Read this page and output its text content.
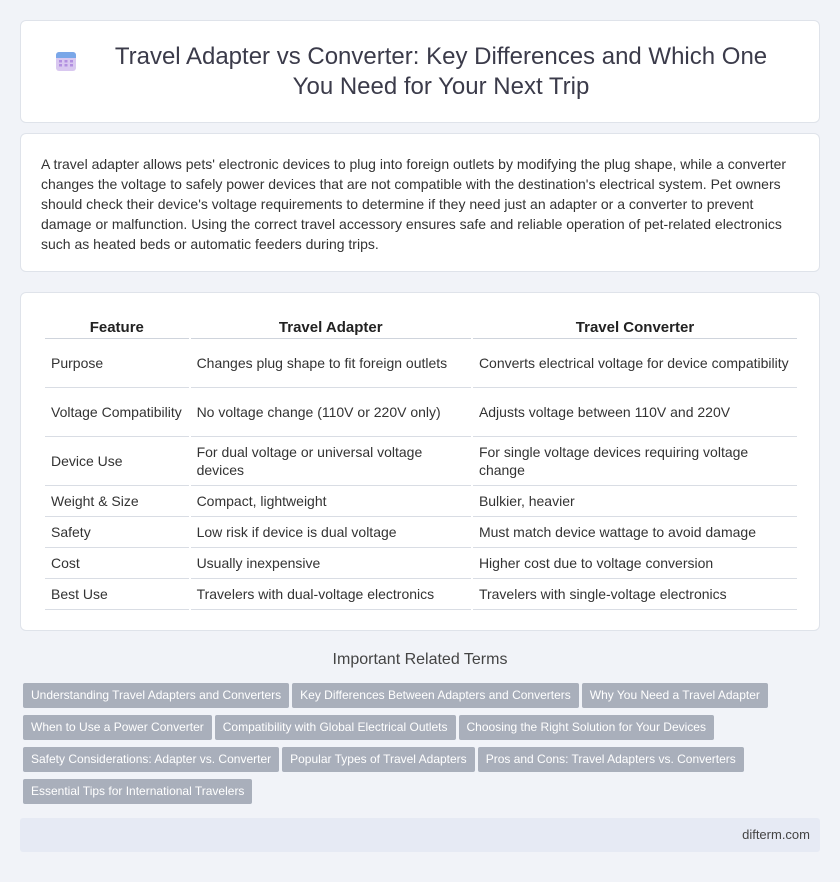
Travel Adapter vs Converter: Key Differences and Which One You Need for Your Next Trip

A travel adapter allows pets' electronic devices to plug into foreign outlets by modifying the plug shape, while a converter changes the voltage to safely power devices that are not compatible with the destination's electrical system. Pet owners should check their device's voltage requirements to determine if they need just an adapter or a converter to prevent damage or malfunction. Using the correct travel accessory ensures safe and reliable operation of pet-related electronics such as heated beds or automatic feeders during trips.

Feature	Travel Adapter	Travel Converter
Purpose	Changes plug shape to fit foreign outlets	Converts electrical voltage for device compatibility
Voltage Compatibility	No voltage change (110V or 220V only)	Adjusts voltage between 110V and 220V
Device Use	For dual voltage or universal voltage devices	For single voltage devices requiring voltage change
Weight & Size	Compact, lightweight	Bulkier, heavier
Safety	Low risk if device is dual voltage	Must match device wattage to avoid damage
Cost	Usually inexpensive	Higher cost due to voltage conversion
Best Use	Travelers with dual-voltage electronics	Travelers with single-voltage electronics
Important Related Terms
Understanding Travel Adapters and Converters Key Differences Between Adapters and Converters Why You Need a Travel Adapter
When to Use a Power Converter Compatibility with Global Electrical Outlets Choosing the Right Solution for Your Devices
Safety Considerations: Adapter vs. Converter Popular Types of Travel Adapters Pros and Cons: Travel Adapters vs. Converters
Essential Tips for International Travelers
difterm.com
